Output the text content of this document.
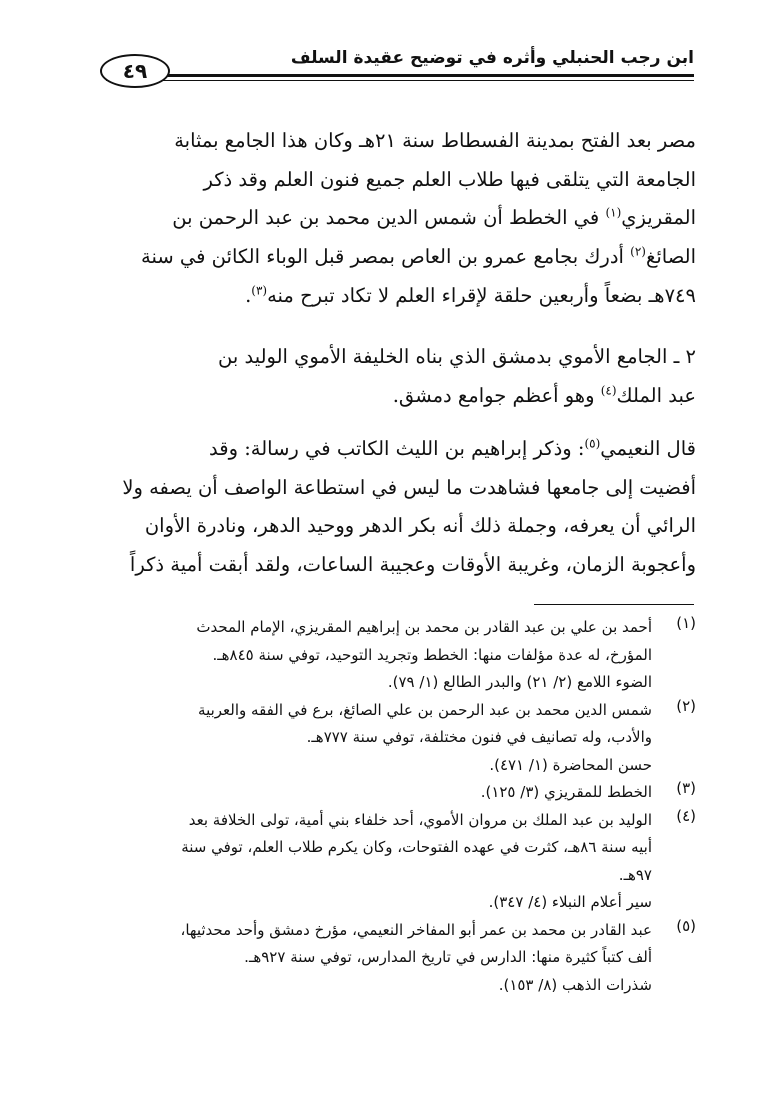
ابن رجب الحنبلي وأثره في توضيح عقيدة السلف
٤٩
مصر بعد الفتح بمدينة الفسطاط سنة ٢١هـ وكان هذا الجامع بمثابة
الجامعة التي يتلقى فيها طلاب العلم جميع فنون العلم وقد ذكر
المقريزي$^{(١)}$ في الخطط أن شمس الدين محمد بن عبد الرحمن بن
الصائغ$^{(٢)}$ أدرك بجامع عمرو بن العاص بمصر قبل الوباء الكائن في سنة
٧٤٩هـ بضعاً وأربعين حلقة لإقراء العلم لا تكاد تبرح منه$^{(٣)}$.
٢ ـ الجامع الأموي بدمشق الذي بناه الخليفة الأموي الوليد بن
عبد الملك$^{(٤)}$ وهو أعظم جوامع دمشق.
قال النعيمي$^{(٥)}$: وذكر إبراهيم بن الليث الكاتب في رسالة: وقد
أفضيت إلى جامعها فشاهدت ما ليس في استطاعة الواصف أن يصفه ولا
الرائي أن يعرفه، وجملة ذلك أنه بكر الدهر ووحيد الدهر، ونادرة الأوان
وأعجوبة الزمان، وغريبة الأوقات وعجيبة الساعات، ولقد أبقت أمية ذكراً
(١)
أحمد بن علي بن عبد القادر بن محمد بن إبراهيم المقريزي، الإمام المحدث
المؤرخ، له عدة مؤلفات منها: الخطط وتجريد التوحيد، توفي سنة ٨٤٥هـ.
الضوء اللامع (٢/ ٢١) والبدر الطالع (١/ ٧٩).
(٢)
شمس الدين محمد بن عبد الرحمن بن علي الصائغ، برع في الفقه والعربية
والأدب، وله تصانيف في فنون مختلفة، توفي سنة ٧٧٧هـ.
حسن المحاضرة (١/ ٤٧١).
(٣)
الخطط للمقريزي (٣/ ١٢٥).
(٤)
الوليد بن عبد الملك بن مروان الأموي، أحد خلفاء بني أمية، تولى الخلافة بعد
أبيه سنة ٨٦هـ، كثرت في عهده الفتوحات، وكان يكرم طلاب العلم، توفي سنة
٩٧هـ.
سير أعلام النبلاء (٤/ ٣٤٧).
(٥)
عبد القادر بن محمد بن عمر أبو المفاخر النعيمي، مؤرخ دمشق وأحد محدثيها،
ألف كتباً كثيرة منها: الدارس في تاريخ المدارس، توفي سنة ٩٢٧هـ.
شذرات الذهب (٨/ ١٥٣).
